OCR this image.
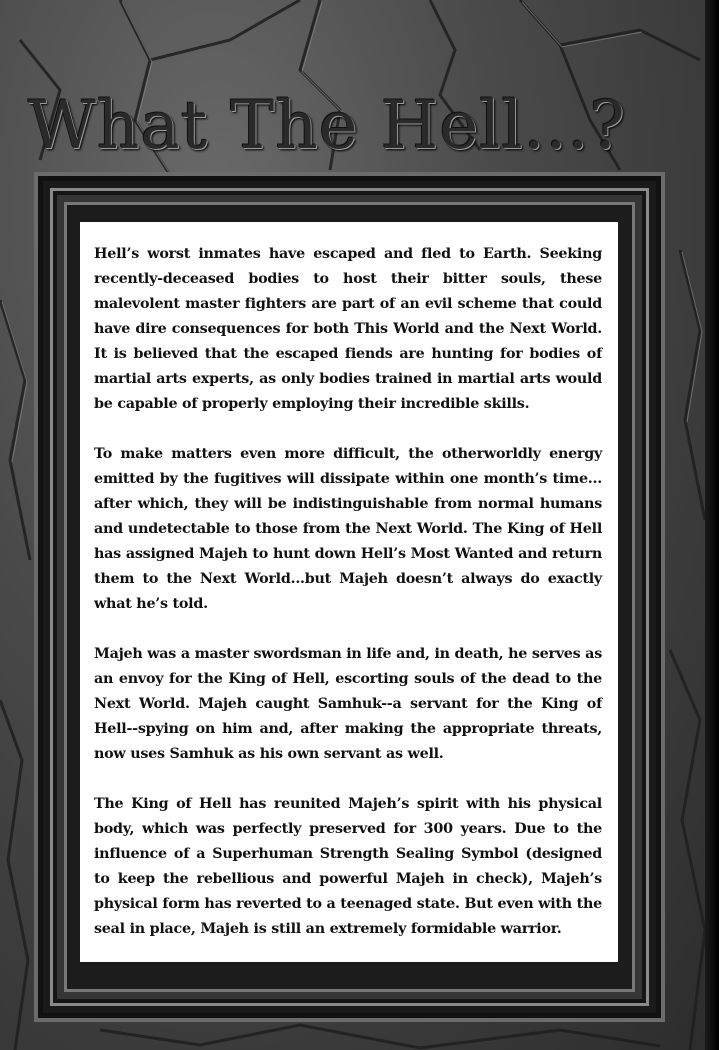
What The Hell...?

Hell’s worst inmates have escaped and fled to Earth. Seeking recently-deceased bodies to host their bitter souls, these malevolent master fighters are part of an evil scheme that could have dire consequences for both This World and the Next World. It is believed that the escaped fiends are hunting for bodies of martial arts experts, as only bodies trained in martial arts would be capable of properly employing their incredible skills.

To make matters even more difficult, the otherworldly energy emitted by the fugitives will dissipate within one month’s time... after which, they will be indistinguishable from normal humans and undetectable to those from the Next World. The King of Hell has assigned Majeh to hunt down Hell’s Most Wanted and return them to the Next World...but Majeh doesn’t always do exactly what he’s told.

Majeh was a master swordsman in life and, in death, he serves as an envoy for the King of Hell, escorting souls of the dead to the Next World. Majeh caught Samhuk--a servant for the King of Hell--spying on him and, after making the appropriate threats, now uses Samhuk as his own servant as well.

The King of Hell has reunited Majeh’s spirit with his physical body, which was perfectly preserved for 300 years. Due to the influence of a Superhuman Strength Sealing Symbol (designed to keep the rebellious and powerful Majeh in check), Majeh’s physical form has reverted to a teenaged state. But even with the seal in place, Majeh is still an extremely formidable warrior.
